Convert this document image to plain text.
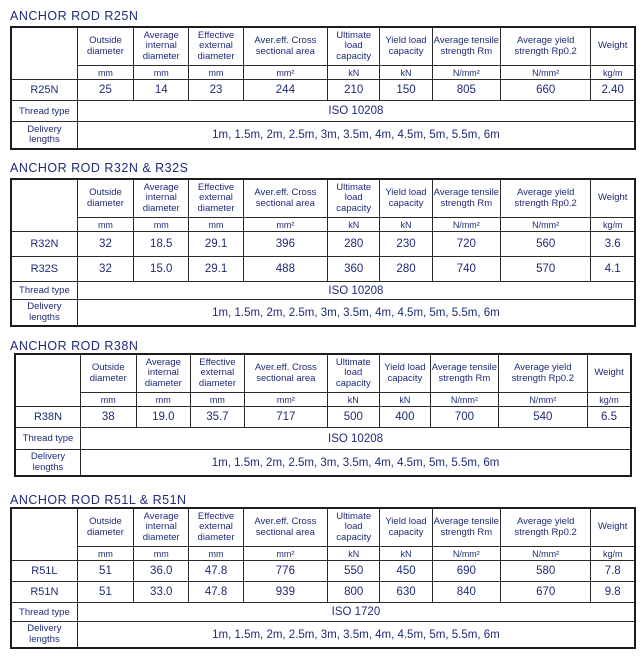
ANCHOR ROD R25N
	Outside diameter	Average internal diameter	Effective external diameter	Aver.eff. Cross sectional area	Ultimate load capacity	Yield load capacity	Average tensile strength Rm	Average yield strength Rp0.2	Weight
	mm	mm	mm	mm²	kN	kN	N/mm²	N/mm²	kg/m
R25N	25	14	23	244	210	150	805	660	2.40
Thread type	ISO 10208								
Delivery lengths	1m, 1.5m, 2m, 2.5m, 3m, 3.5m, 4m, 4.5m, 5m, 5.5m, 6m								
ANCHOR ROD R32N & R32S
	Outside diameter	Average internal diameter	Effective external diameter	Aver.eff. Cross sectional area	Ultimate load capacity	Yield load capacity	Average tensile strength Rm	Average yield strength Rp0.2	Weight
	mm	mm	mm	mm²	kN	kN	N/mm²	N/mm²	kg/m
R32N	32	18.5	29.1	396	280	230	720	560	3.6
R32S	32	15.0	29.1	488	360	280	740	570	4.1
Thread type	ISO 10208								
Delivery lengths	1m, 1.5m, 2m, 2.5m, 3m, 3.5m, 4m, 4.5m, 5m, 5.5m, 6m								
ANCHOR ROD R38N
	Outside diameter	Average internal diameter	Effective external diameter	Aver.eff. Cross sectional area	Ultimate load capacity	Yield load capacity	Average tensile strength Rm	Average yield strength Rp0.2	Weight
	mm	mm	mm	mm²	kN	kN	N/mm²	N/mm²	kg/m
R38N	38	19.0	35.7	717	500	400	700	540	6.5
Thread type	ISO 10208								
Delivery lengths	1m, 1.5m, 2m, 2.5m, 3m, 3.5m, 4m, 4.5m, 5m, 5.5m, 6m								
ANCHOR ROD R51L & R51N
	Outside diameter	Average internal diameter	Effective external diameter	Aver.eff. Cross sectional area	Ultimate load capacity	Yield load capacity	Average tensile strength Rm	Average yield strength Rp0.2	Weight
	mm	mm	mm	mm²	kN	kN	N/mm²	N/mm²	kg/m
R51L	51	36.0	47.8	776	550	450	690	580	7.8
R51N	51	33.0	47.8	939	800	630	840	670	9.8
Thread type	ISO 1720								
Delivery lengths	1m, 1.5m, 2m, 2.5m, 3m, 3.5m, 4m, 4.5m, 5m, 5.5m, 6m								
